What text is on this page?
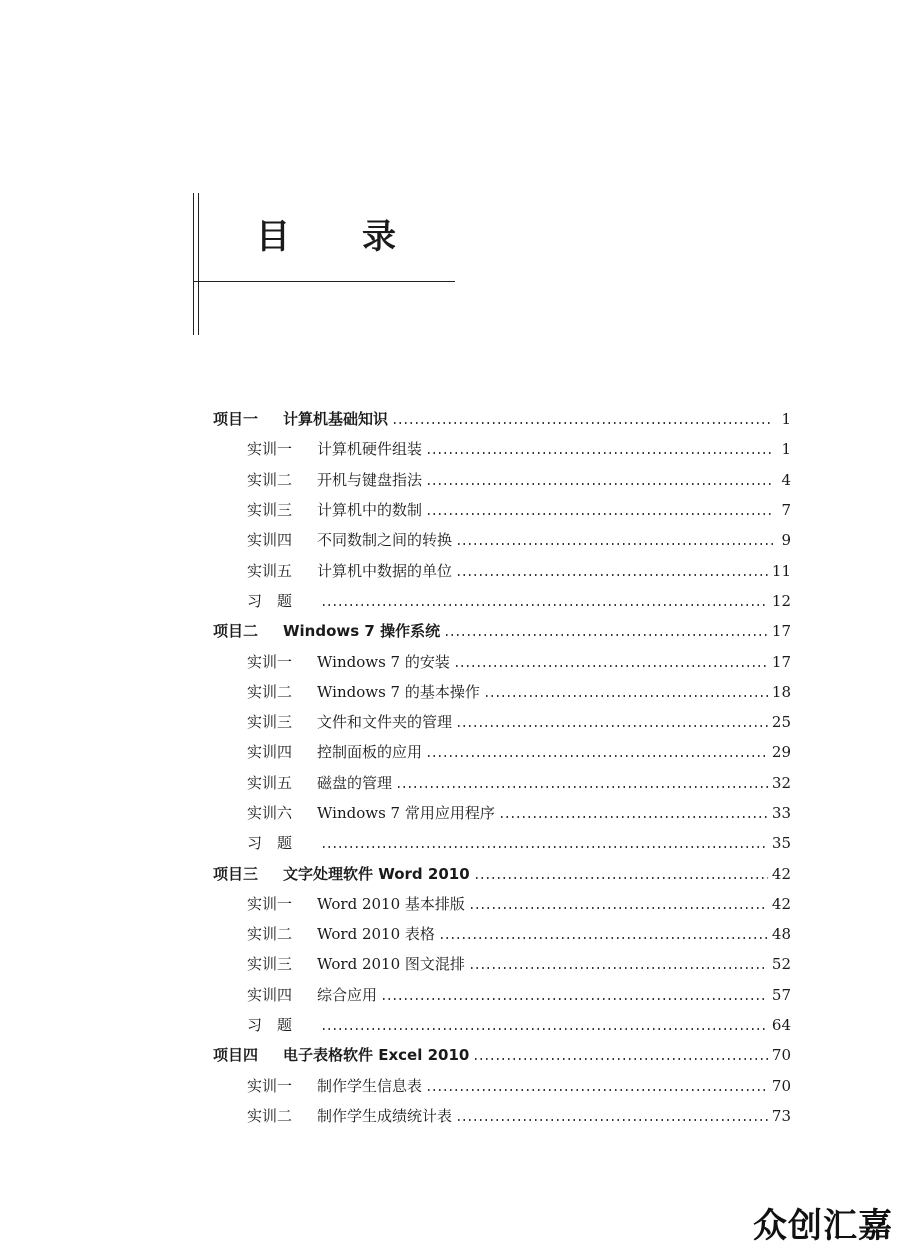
目 录
项目一	计算机基础知识	1
实训一	计算机硬件组装	1
实训二	开机与键盘指法	4
实训三	计算机中的数制	7
实训四	不同数制之间的转换	9
实训五	计算机中数据的单位	11
习　题	12
项目二	Windows 7 操作系统	17
实训一	Windows 7 的安装	17
实训二	Windows 7 的基本操作	18
实训三	文件和文件夹的管理	25
实训四	控制面板的应用	29
实训五	磁盘的管理	32
实训六	Windows 7 常用应用程序	33
习　题	35
项目三	文字处理软件 Word 2010	42
实训一	Word 2010 基本排版	42
实训二	Word 2010 表格	48
实训三	Word 2010 图文混排	52
实训四	综合应用	57
习　题	64
项目四	电子表格软件 Excel 2010	70
实训一	制作学生信息表	70
实训二	制作学生成绩统计表	73
众创汇嘉
